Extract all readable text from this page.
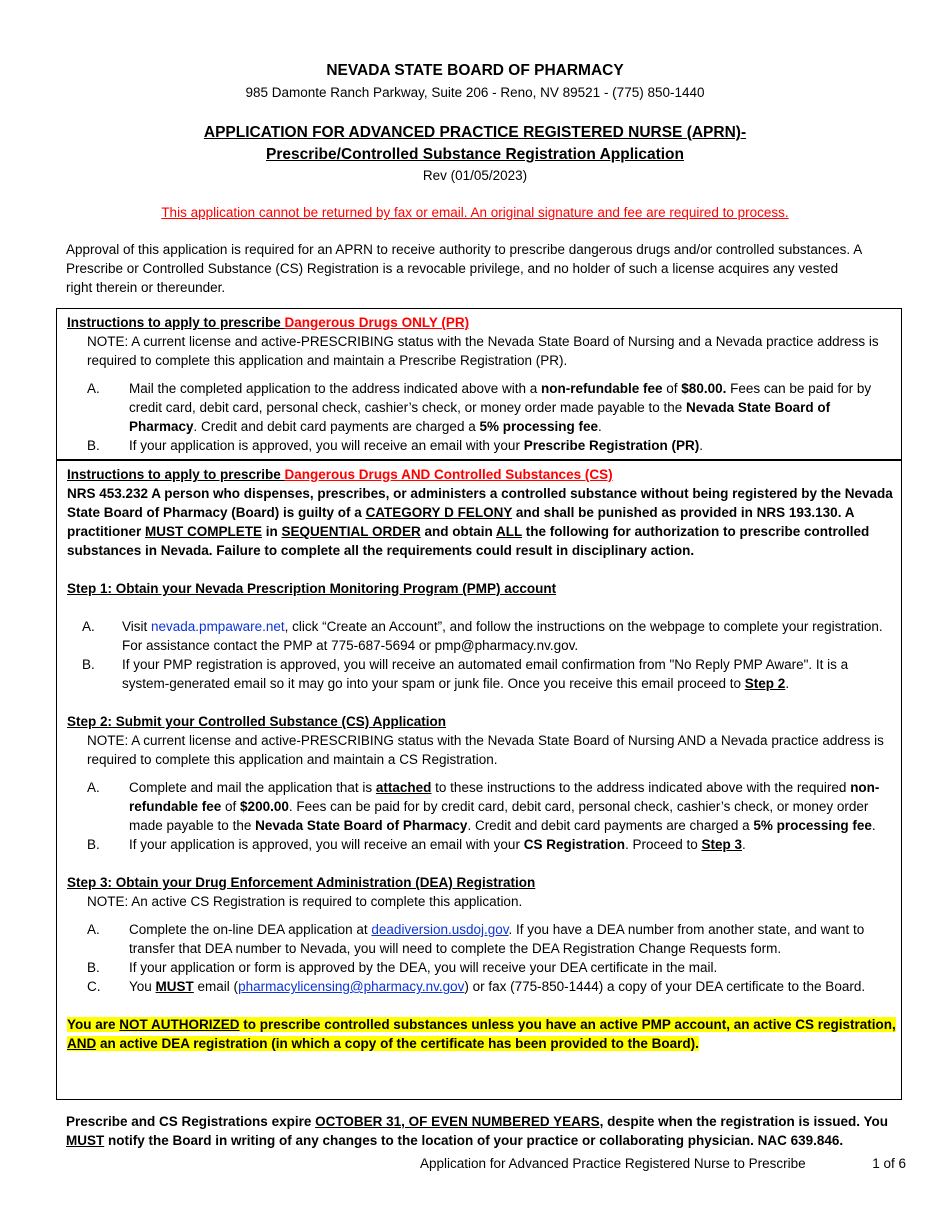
NEVADA STATE BOARD OF PHARMACY
985 Damonte Ranch Parkway, Suite 206 - Reno, NV 89521 - (775) 850-1440
APPLICATION FOR ADVANCED PRACTICE REGISTERED NURSE (APRN)-
Prescribe/Controlled Substance Registration Application
Rev (01/05/2023)
This application cannot be returned by fax or email. An original signature and fee are required to process.
Approval of this application is required for an APRN to receive authority to prescribe dangerous drugs and/or controlled substances. A Prescribe or Controlled Substance (CS) Registration is a revocable privilege, and no holder of such a license acquires any vested right therein or thereunder.
Instructions to apply to prescribe Dangerous Drugs ONLY (PR)
NOTE: A current license and active-PRESCRIBING status with the Nevada State Board of Nursing and a Nevada practice address is required to complete this application and maintain a Prescribe Registration (PR).
A. Mail the completed application to the address indicated above with a non-refundable fee of $80.00. Fees can be paid for by credit card, debit card, personal check, cashier’s check, or money order made payable to the Nevada State Board of Pharmacy. Credit and debit card payments are charged a 5% processing fee.
B. If your application is approved, you will receive an email with your Prescribe Registration (PR).
Instructions to apply to prescribe Dangerous Drugs AND Controlled Substances (CS)
NRS 453.232 A person who dispenses, prescribes, or administers a controlled substance without being registered by the Nevada State Board of Pharmacy (Board) is guilty of a CATEGORY D FELONY and shall be punished as provided in NRS 193.130. A practitioner MUST COMPLETE in SEQUENTIAL ORDER and obtain ALL the following for authorization to prescribe controlled substances in Nevada. Failure to complete all the requirements could result in disciplinary action.
Step 1: Obtain your Nevada Prescription Monitoring Program (PMP) account
A. Visit nevada.pmpaware.net, click “Create an Account”, and follow the instructions on the webpage to complete your registration. For assistance contact the PMP at 775-687-5694 or pmp@pharmacy.nv.gov.
B. If your PMP registration is approved, you will receive an automated email confirmation from "No Reply PMP Aware". It is a system-generated email so it may go into your spam or junk file. Once you receive this email proceed to Step 2.
Step 2: Submit your Controlled Substance (CS) Application
NOTE: A current license and active-PRESCRIBING status with the Nevada State Board of Nursing AND a Nevada practice address is required to complete this application and maintain a CS Registration.
A. Complete and mail the application that is attached to these instructions to the address indicated above with the required non-refundable fee of $200.00. Fees can be paid for by credit card, debit card, personal check, cashier’s check, or money order made payable to the Nevada State Board of Pharmacy. Credit and debit card payments are charged a 5% processing fee.
B. If your application is approved, you will receive an email with your CS Registration. Proceed to Step 3.
Step 3: Obtain your Drug Enforcement Administration (DEA) Registration
NOTE: An active CS Registration is required to complete this application.
A. Complete the on-line DEA application at deadiversion.usdoj.gov. If you have a DEA number from another state, and want to transfer that DEA number to Nevada, you will need to complete the DEA Registration Change Requests form.
B. If your application or form is approved by the DEA, you will receive your DEA certificate in the mail.
C. You MUST email (pharmacylicensing@pharmacy.nv.gov) or fax (775-850-1444) a copy of your DEA certificate to the Board.
You are NOT AUTHORIZED to prescribe controlled substances unless you have an active PMP account, an active CS registration, AND an active DEA registration (in which a copy of the certificate has been provided to the Board).
Prescribe and CS Registrations expire OCTOBER 31, OF EVEN NUMBERED YEARS, despite when the registration is issued. You MUST notify the Board in writing of any changes to the location of your practice or collaborating physician. NAC 639.846.
Application for Advanced Practice Registered Nurse to Prescribe	1 of 6
